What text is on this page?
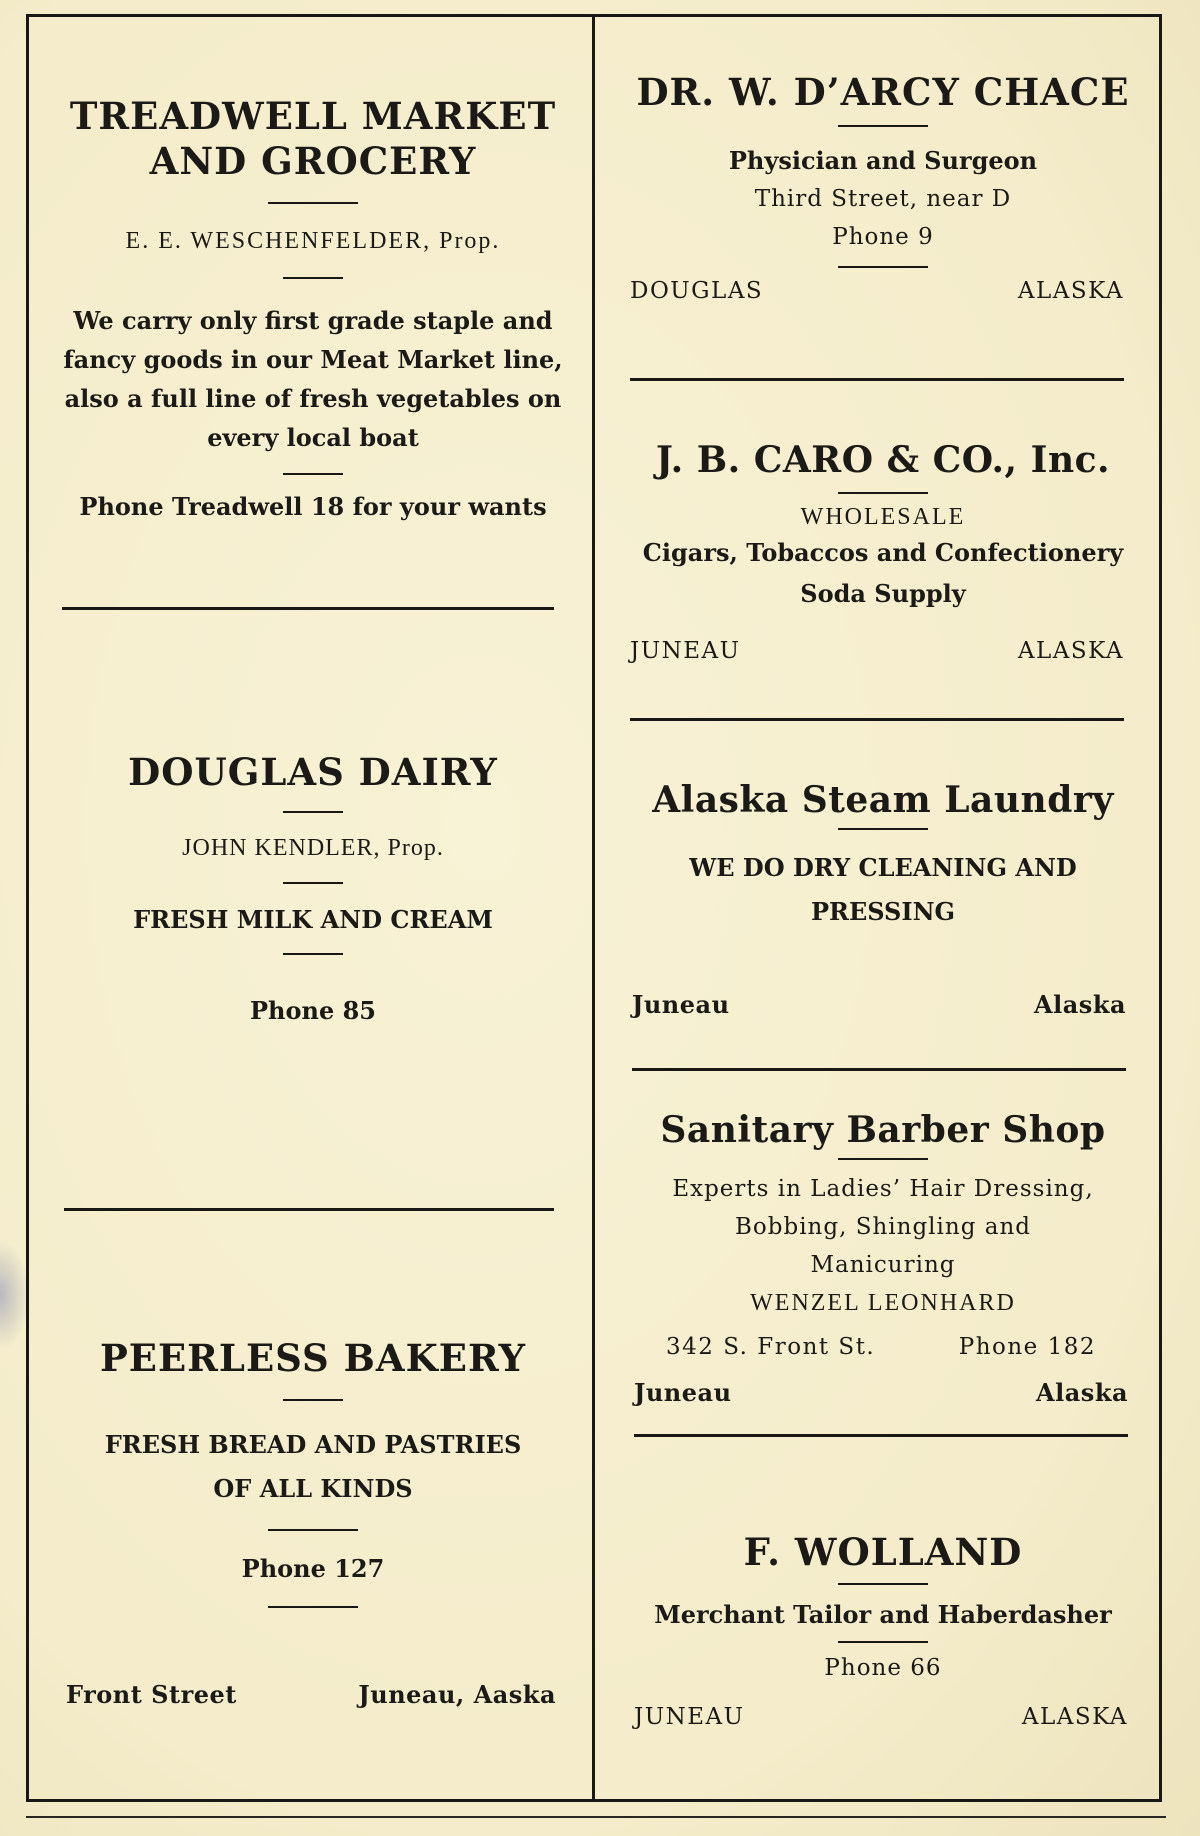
TREADWELL MARKET

AND GROCERY

E. E. WESCHENFELDER, Prop.

We carry only first grade staple and

fancy goods in our Meat Market line,

also a full line of fresh vegetables on

every local boat

Phone Treadwell 18 for your wants

DOUGLAS DAIRY

JOHN KENDLER, Prop.

FRESH MILK AND CREAM

Phone 85

PEERLESS BAKERY

FRESH BREAD AND PASTRIES

OF ALL KINDS

Phone 127

Front Street	Juneau, Aaska

DR. W. D’ARCY CHACE

Physician and Surgeon

Third Street, near D

Phone 9

DOUGLAS	ALASKA

J. B. CARO & CO., Inc.

WHOLESALE

Cigars, Tobaccos and Confectionery

Soda Supply

JUNEAU	ALASKA

Alaska Steam Laundry

WE DO DRY CLEANING AND

PRESSING

Juneau	Alaska

Sanitary Barber Shop

Experts in Ladies’ Hair Dressing,

Bobbing, Shingling and

Manicuring

WENZEL LEONHARD

342 S. Front St.	Phone 182
Juneau	Alaska

F. WOLLAND

Merchant Tailor and Haberdasher

Phone 66

JUNEAU	ALASKA
